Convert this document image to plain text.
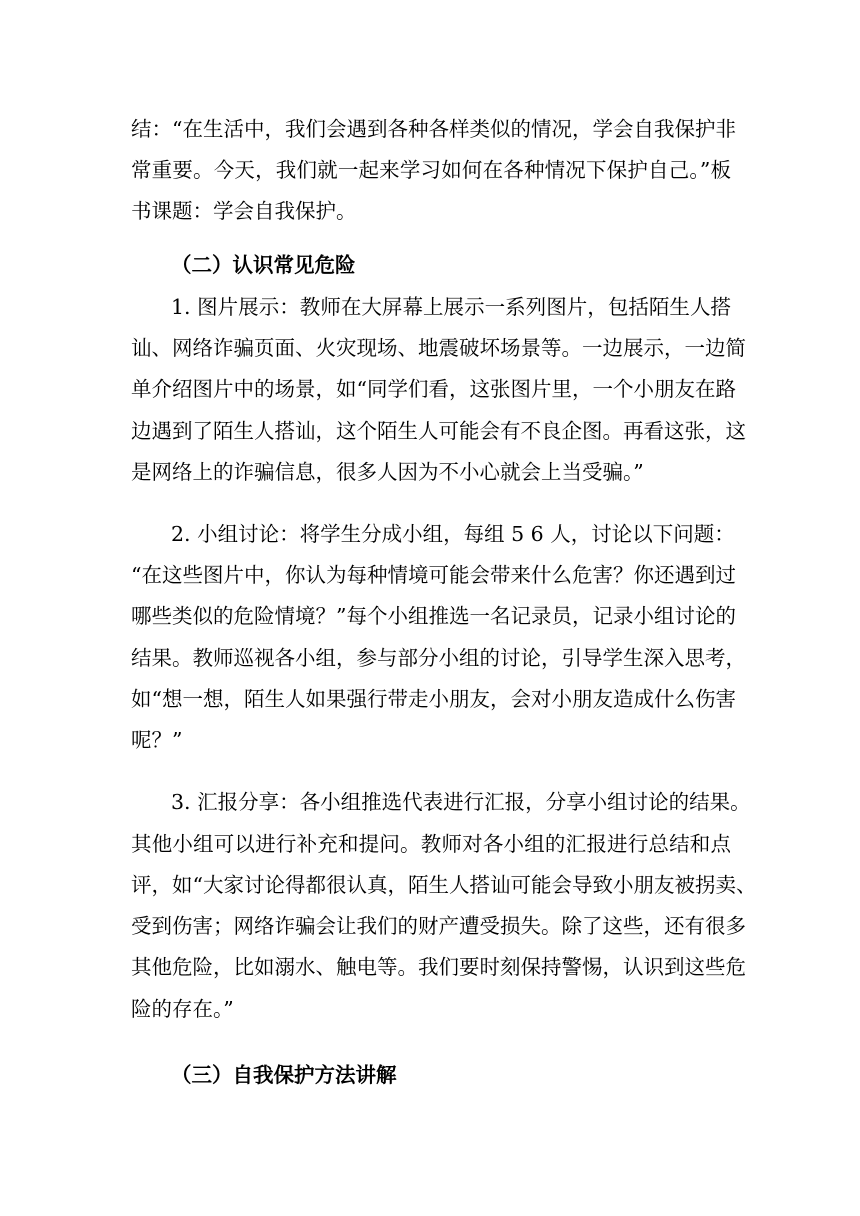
结：“在生活中，我们会遇到各种各样类似的情况，学会自我保护非
常重要。今天，我们就一起来学习如何在各种情况下保护自己。”板
书课题：学会自我保护。
（二）认识常见危险
1. 图片展示：教师在大屏幕上展示一系列图片，包括陌生人搭
讪、网络诈骗页面、火灾现场、地震破坏场景等。一边展示，一边简
单介绍图片中的场景，如“同学们看，这张图片里，一个小朋友在路
边遇到了陌生人搭讪，这个陌生人可能会有不良企图。再看这张，这
是网络上的诈骗信息，很多人因为不小心就会上当受骗。”
2. 小组讨论：将学生分成小组，每组 5 6 人，讨论以下问题：
“在这些图片中，你认为每种情境可能会带来什么危害？你还遇到过
哪些类似的危险情境？”每个小组推选一名记录员，记录小组讨论的
结果。教师巡视各小组，参与部分小组的讨论，引导学生深入思考，
如“想一想，陌生人如果强行带走小朋友，会对小朋友造成什么伤害
呢？”
3. 汇报分享：各小组推选代表进行汇报，分享小组讨论的结果。
其他小组可以进行补充和提问。教师对各小组的汇报进行总结和点
评，如“大家讨论得都很认真，陌生人搭讪可能会导致小朋友被拐卖、
受到伤害；网络诈骗会让我们的财产遭受损失。除了这些，还有很多
其他危险，比如溺水、触电等。我们要时刻保持警惕，认识到这些危
险的存在。”
（三）自我保护方法讲解
